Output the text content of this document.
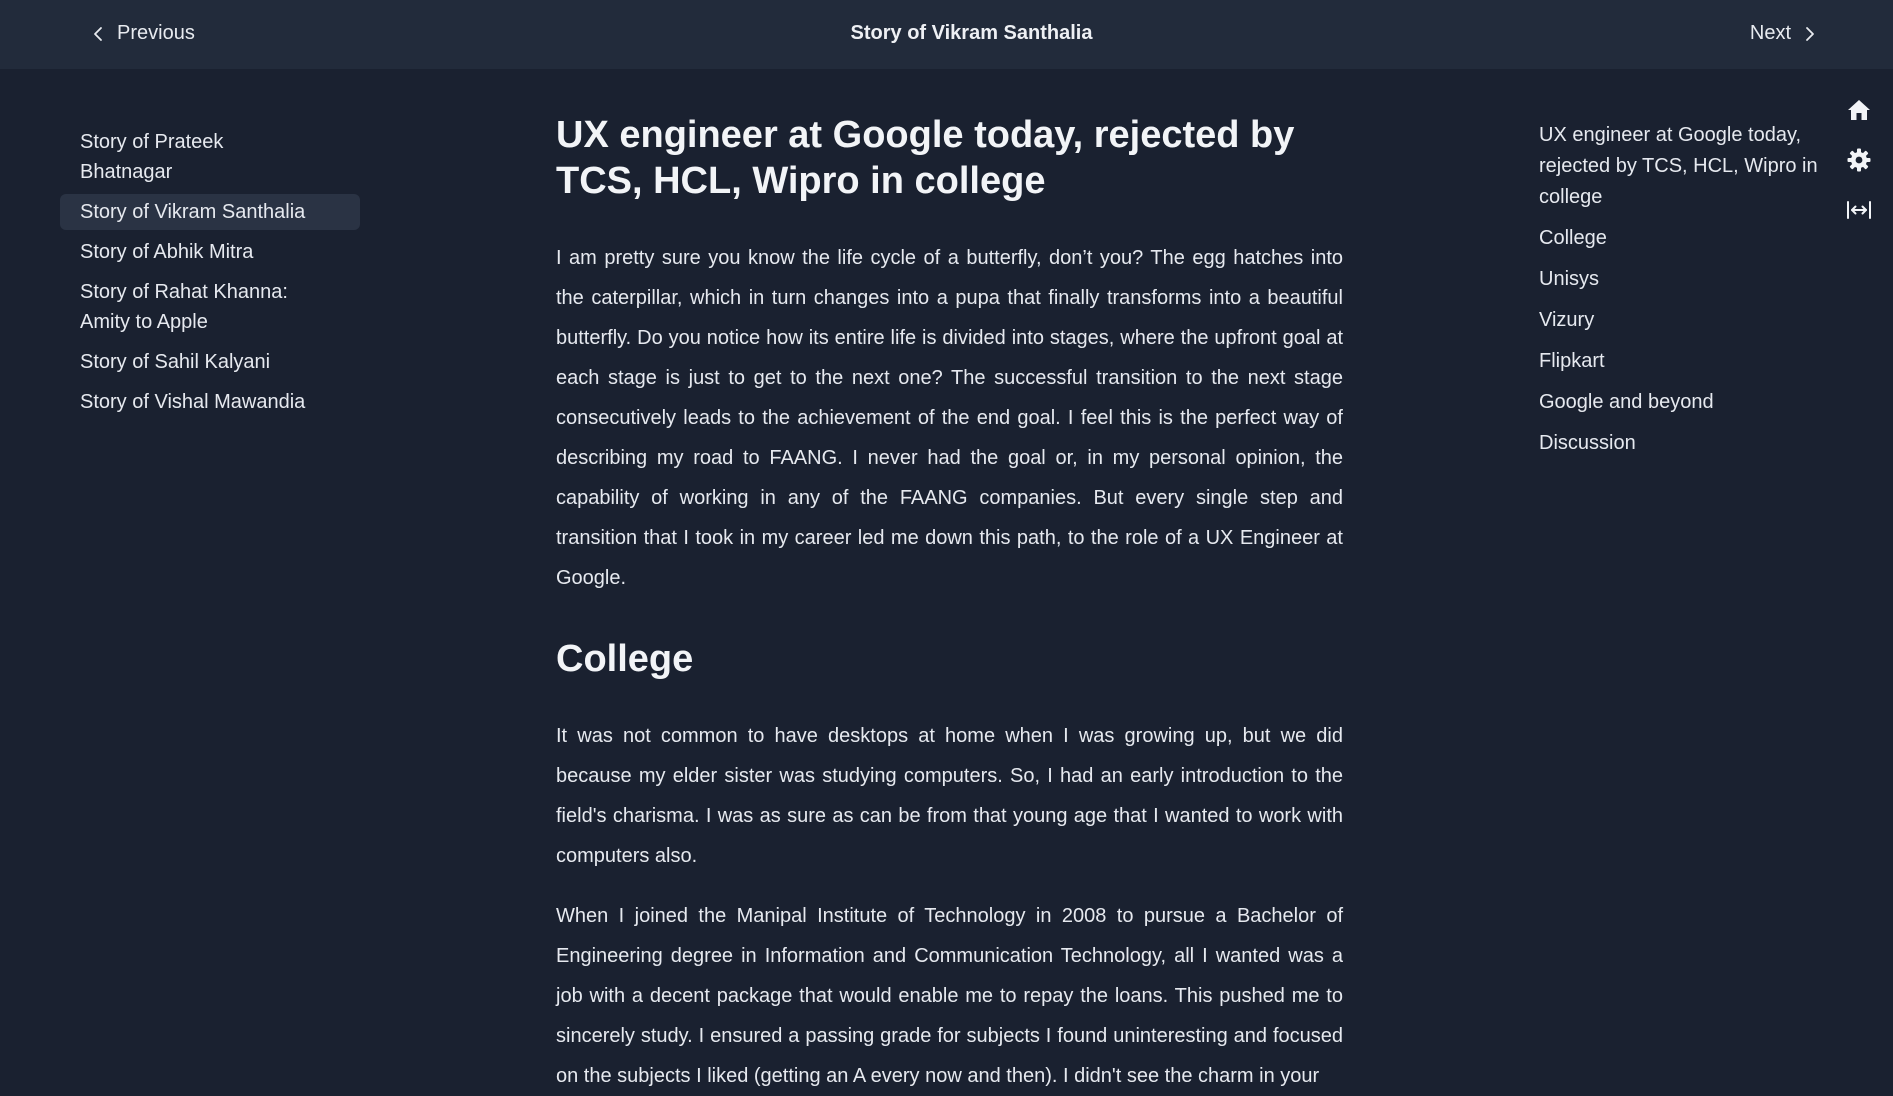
Previous	Story of Vikram Santhalia	Next
Story of Prateek Bhatnagar
Story of Vikram Santhalia
Story of Abhik Mitra
Story of Rahat Khanna: Amity to Apple
Story of Sahil Kalyani
Story of Vishal Mawandia
UX engineer at Google today, rejected by TCS, HCL, Wipro in college

I am pretty sure you know the life cycle of a butterfly, don’t you? The egg hatches into the caterpillar, which in turn changes into a pupa that finally transforms into a beautiful butterfly. Do you notice how its entire life is divided into stages, where the upfront goal at each stage is just to get to the next one? The successful transition to the next stage consecutively leads to the achievement of the end goal. I feel this is the perfect way of describing my road to FAANG. I never had the goal or, in my personal opinion, the capability of working in any of the FAANG companies. But every single step and transition that I took in my career led me down this path, to the role of a UX Engineer at Google.

College

It was not common to have desktops at home when I was growing up, but we did because my elder sister was studying computers. So, I had an early introduction to the field's charisma. I was as sure as can be from that young age that I wanted to work with computers also.

When I joined the Manipal Institute of Technology in 2008 to pursue a Bachelor of Engineering degree in Information and Communication Technology, all I wanted was a job with a decent package that would enable me to repay the loans. This pushed me to sincerely study. I ensured a passing grade for subjects I found uninteresting and focused on the subjects I liked (getting an A every now and then). I didn't see the charm in your

UX engineer at Google today, rejected by TCS, HCL, Wipro in college
College
Unisys
Vizury
Flipkart
Google and beyond
Discussion
